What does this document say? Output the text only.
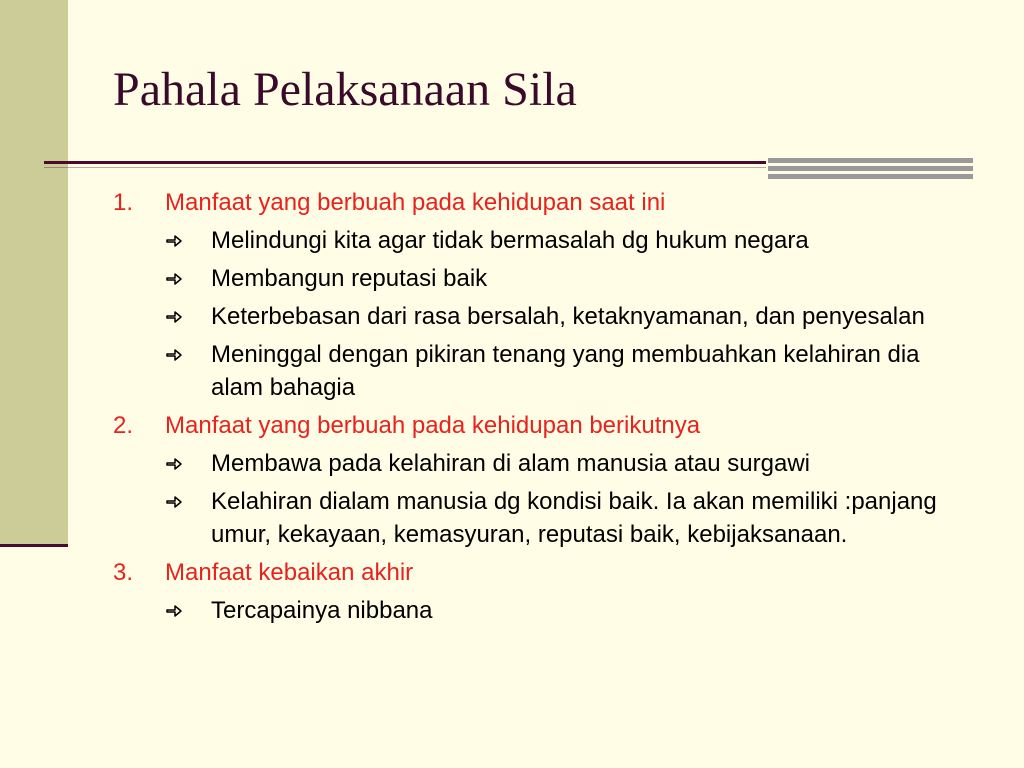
Pahala Pelaksanaan Sila
1. Manfaat yang berbuah pada kehidupan saat ini
Melindungi kita agar tidak bermasalah dg hukum negara
Membangun reputasi baik
Keterbebasan dari rasa bersalah, ketaknyamanan, dan penyesalan
Meninggal dengan pikiran tenang yang membuahkan kelahiran dia alam bahagia
2. Manfaat yang berbuah pada kehidupan berikutnya
Membawa pada kelahiran di alam manusia atau surgawi
Kelahiran dialam manusia dg kondisi baik. Ia akan memiliki :panjang umur, kekayaan, kemasyuran, reputasi baik, kebijaksanaan.
3. Manfaat kebaikan akhir
Tercapainya nibbana
